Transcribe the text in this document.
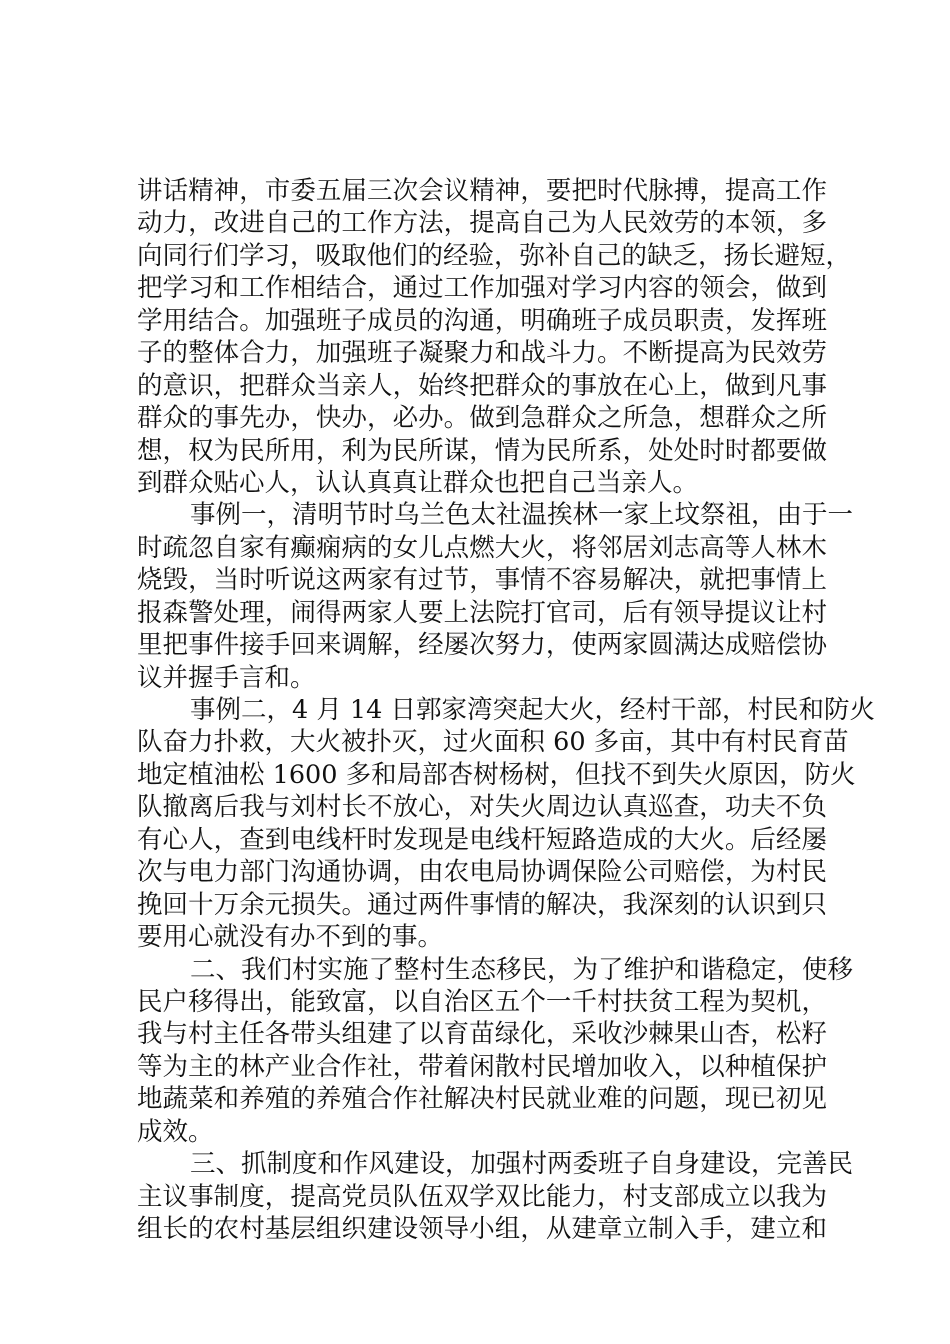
讲话精神，市委五届三次会议精神，要把时代脉搏，提高工作
动力，改进自己的工作方法，提高自己为人民效劳的本领，多
向同行们学习，吸取他们的经验，弥补自己的缺乏，扬长避短，
把学习和工作相结合，通过工作加强对学习内容的领会，做到
学用结合。加强班子成员的沟通，明确班子成员职责，发挥班
子的整体合力，加强班子凝聚力和战斗力。不断提高为民效劳
的意识，把群众当亲人，始终把群众的事放在心上，做到凡事
群众的事先办，快办，必办。做到急群众之所急，想群众之所
想，权为民所用，利为民所谋，情为民所系，处处时时都要做
到群众贴心人，认认真真让群众也把自己当亲人。
事例一，清明节时乌兰色太社温挨林一家上坟祭祖，由于一
时疏忽自家有癫痫病的女儿点燃大火，将邻居刘志高等人林木
烧毁，当时听说这两家有过节，事情不容易解决，就把事情上
报森警处理，闹得两家人要上法院打官司，后有领导提议让村
里把事件接手回来调解，经屡次努力，使两家圆满达成赔偿协
议并握手言和。
事例二，4 月 14 日郭家湾突起大火，经村干部，村民和防火
队奋力扑救，大火被扑灭，过火面积 60 多亩，其中有村民育苗
地定植油松 1600 多和局部杏树杨树，但找不到失火原因，防火
队撤离后我与刘村长不放心，对失火周边认真巡查，功夫不负
有心人，查到电线杆时发现是电线杆短路造成的大火。后经屡
次与电力部门沟通协调，由农电局协调保险公司赔偿，为村民
挽回十万余元损失。通过两件事情的解决，我深刻的认识到只
要用心就没有办不到的事。
二、我们村实施了整村生态移民，为了维护和谐稳定，使移
民户移得出，能致富，以自治区五个一千村扶贫工程为契机，
我与村主任各带头组建了以育苗绿化，采收沙棘果山杏，松籽
等为主的林产业合作社，带着闲散村民增加收入，以种植保护
地蔬菜和养殖的养殖合作社解决村民就业难的问题，现已初见
成效。
三、抓制度和作风建设，加强村两委班子自身建设，完善民
主议事制度，提高党员队伍双学双比能力，村支部成立以我为
组长的农村基层组织建设领导小组，从建章立制入手，建立和
